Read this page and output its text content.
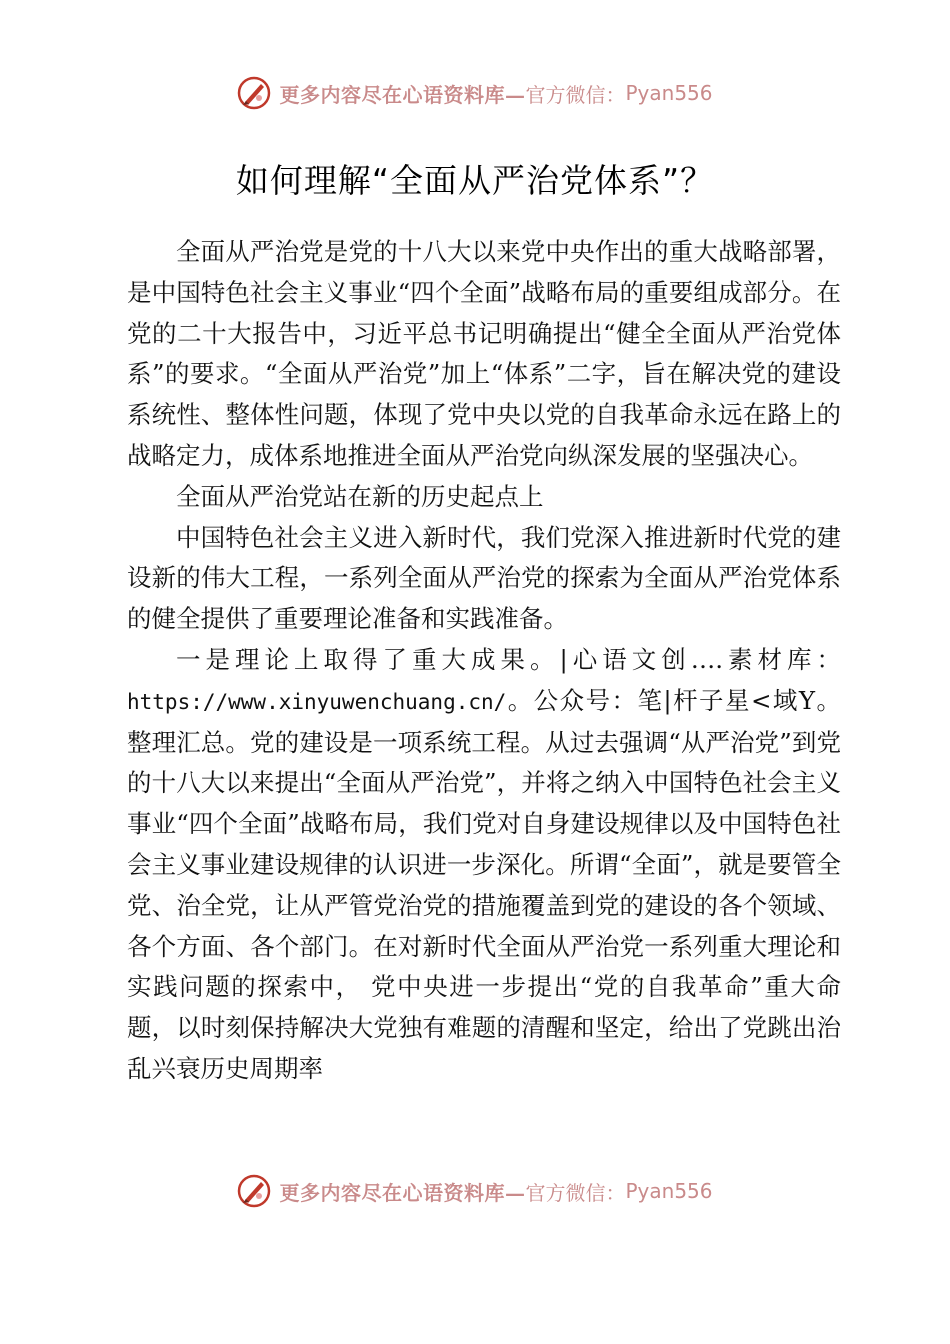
更多内容尽在心语资料库— 官方微信： Pyan556
如何理解“全面从严治党体系”？

全面从严治党是党的十八大以来党中央作出的重大战略部署，是中国特色社会主义事业“四个全面”战略布局的重要组成部分。在党的二十大报告中，习近平总书记明确提出“健全全面从严治党体系”的要求。“全面从严治党”加上“体系”二字，旨在解决党的建设系统性、整体性问题，体现了党中央以党的自我革命永远在路上的战略定力，成体系地推进全面从严治党向纵深发展的坚强决心。

全面从严治党站在新的历史起点上

中国特色社会主义进入新时代，我们党深入推进新时代党的建设新的伟大工程，一系列全面从严治党的探索为全面从严治党体系的健全提供了重要理论准备和实践准备。

一是理论上取得了重大成果。|心语文创….素材库：https://www.xinyuwenchuang.cn/。公众号：笔|杆子星<域Y。整理汇总。党的建设是一项系统工程。从过去强调“从严治党”到党的十八大以来提出“全面从严治党”，并将之纳入中国特色社会主义事业“四个全面”战略布局，我们党对自身建设规律以及中国特色社会主义事业建设规律的认识进一步深化。所谓“全面”，就是要管全党、治全党，让从严管党治党的措施覆盖到党的建设的各个领域、各个方面、各个部门。在对新时代全面从严治党一系列重大理论和实践问题的探索中， 党中央进一步提出“党的自我革命”重大命题，以时刻保持解决大党独有难题的清醒和坚定，给出了党跳出治乱兴衰历史周期率

更多内容尽在心语资料库— 官方微信： Pyan556
